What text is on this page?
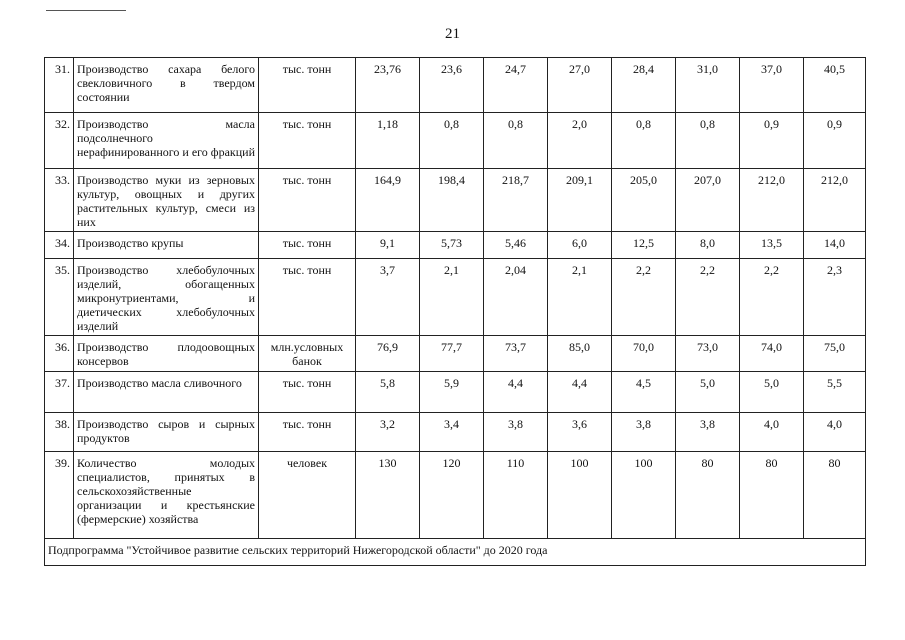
21
31.	Производство сахара белого свекловичного в твердом состоянии	тыс. тонн	23,76	23,6	24,7	27,0	28,4	31,0	37,0	40,5
32.	Производство масла подсолнечного нерафинированного и его фракций	тыс. тонн	1,18	0,8	0,8	2,0	0,8	0,8	0,9	0,9
33.	Производство муки из зерновых культур, овощных и других растительных культур, смеси из них	тыс. тонн	164,9	198,4	218,7	209,1	205,0	207,0	212,0	212,0
34.	Производство крупы	тыс. тонн	9,1	5,73	5,46	6,0	12,5	8,0	13,5	14,0
35.	Производство хлебобулочных изделий, обогащенных микронутриентами, и диетических хлебобулочных изделий	тыс. тонн	3,7	2,1	2,04	2,1	2,2	2,2	2,2	2,3
36.	Производство плодоовощных консервов	млн.условных банок	76,9	77,7	73,7	85,0	70,0	73,0	74,0	75,0
37.	Производство масла сливочного	тыс. тонн	5,8	5,9	4,4	4,4	4,5	5,0	5,0	5,5
38.	Производство сыров и сырных продуктов	тыс. тонн	3,2	3,4	3,8	3,6	3,8	3,8	4,0	4,0
39.	Количество молодых специалистов, принятых в сельскохозяйственные организации и крестьянские (фермерские) хозяйства	человек	130	120	110	100	100	80	80	80
Подпрограмма "Устойчивое развитие сельских территорий Нижегородской области" до 2020 года										
